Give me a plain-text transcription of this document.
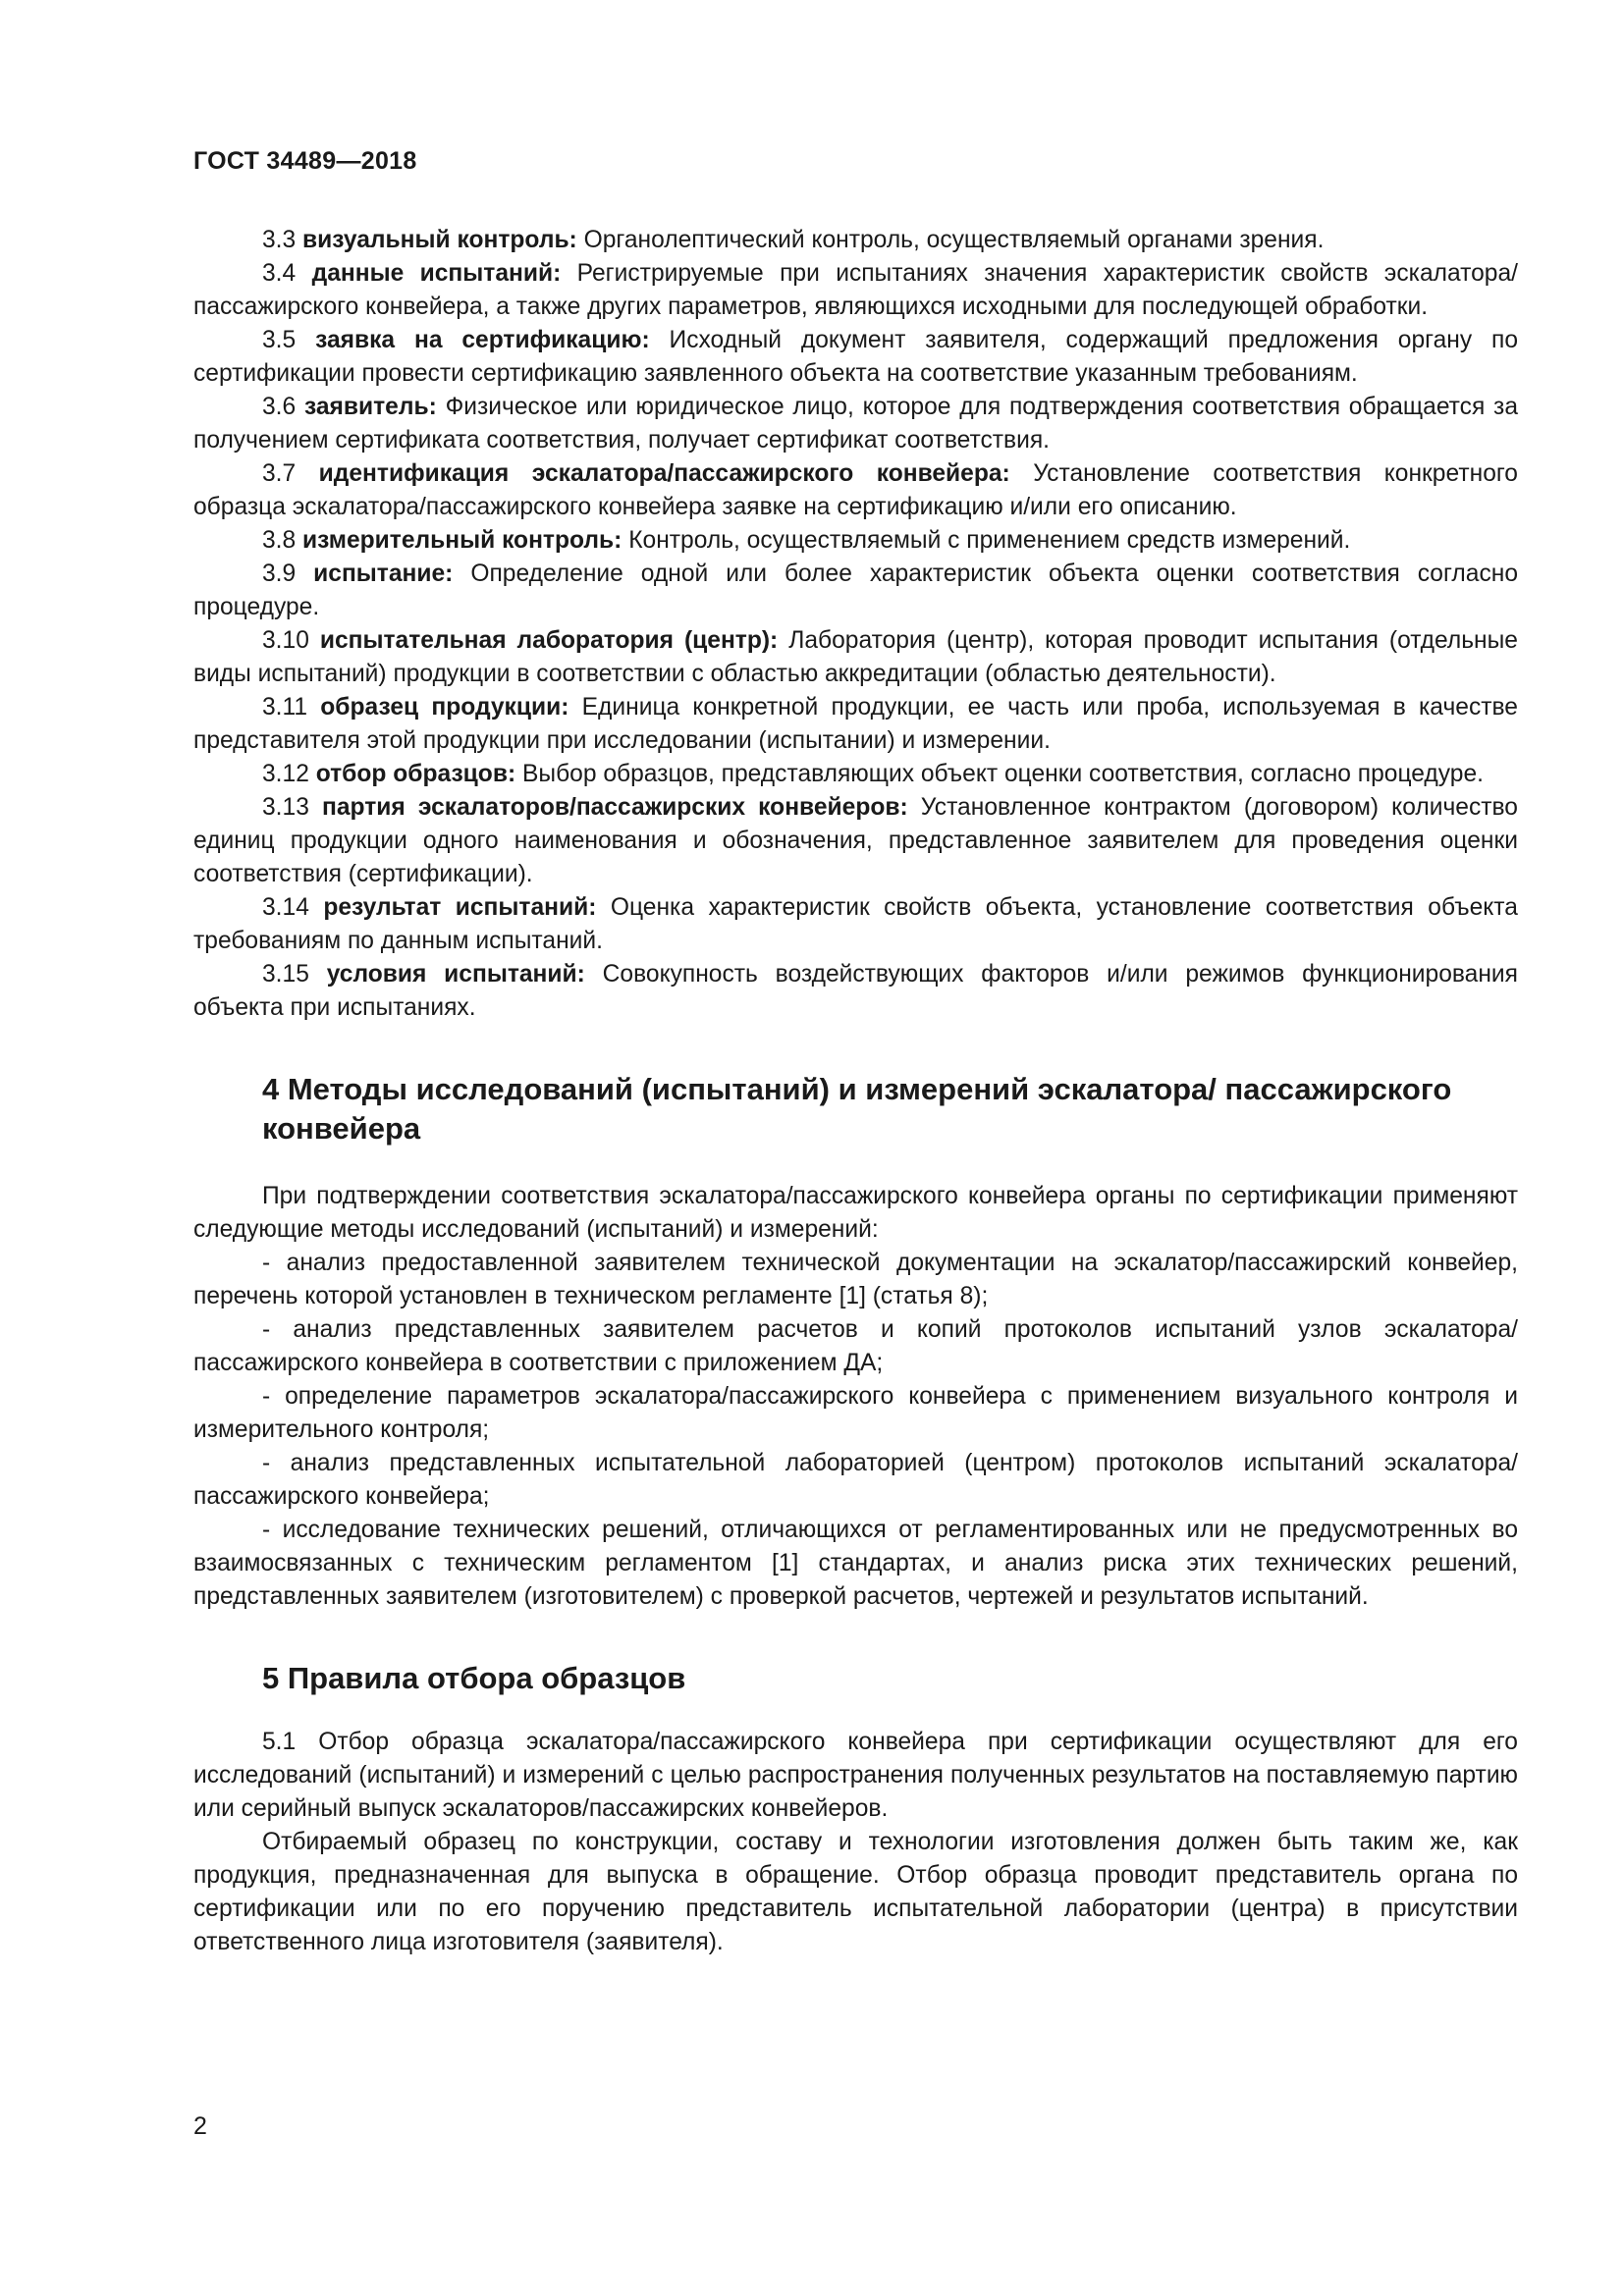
ГОСТ 34489—2018

3.3 визуальный контроль: Органолептический контроль, осуществляемый органами зрения.

3.4 данные испытаний: Регистрируемые при испытаниях значения характеристик свойств эскалатора/пассажирского конвейера, а также других параметров, являющихся исходными для последующей обработки.

3.5 заявка на сертификацию: Исходный документ заявителя, содержащий предложения органу по сертификации провести сертификацию заявленного объекта на соответствие указанным требованиям.

3.6 заявитель: Физическое или юридическое лицо, которое для подтверждения соответствия обращается за получением сертификата соответствия, получает сертификат соответствия.

3.7 идентификация эскалатора/пассажирского конвейера: Установление соответствия конкретного образца эскалатора/пассажирского конвейера заявке на сертификацию и/или его описанию.

3.8 измерительный контроль: Контроль, осуществляемый с применением средств измерений.

3.9 испытание: Определение одной или более характеристик объекта оценки соответствия согласно процедуре.

3.10 испытательная лаборатория (центр): Лаборатория (центр), которая проводит испытания (отдельные виды испытаний) продукции в соответствии с областью аккредитации (областью деятельности).

3.11 образец продукции: Единица конкретной продукции, ее часть или проба, используемая в качестве представителя этой продукции при исследовании (испытании) и измерении.

3.12 отбор образцов: Выбор образцов, представляющих объект оценки соответствия, согласно процедуре.

3.13 партия эскалаторов/пассажирских конвейеров: Установленное контрактом (договором) количество единиц продукции одного наименования и обозначения, представленное заявителем для проведения оценки соответствия (сертификации).

3.14 результат испытаний: Оценка характеристик свойств объекта, установление соответствия объекта требованиям по данным испытаний.

3.15 условия испытаний: Совокупность воздействующих факторов и/или режимов функционирования объекта при испытаниях.

4 Методы исследований (испытаний) и измерений эскалатора/ пассажирского конвейера

При подтверждении соответствия эскалатора/пассажирского конвейера органы по сертификации применяют следующие методы исследований (испытаний) и измерений:

- анализ предоставленной заявителем технической документации на эскалатор/пассажирский конвейер, перечень которой установлен в техническом регламенте [1] (статья 8);

- анализ представленных заявителем расчетов и копий протоколов испытаний узлов эскалатора/ пассажирского конвейера в соответствии с приложением ДА;

- определение параметров эскалатора/пассажирского конвейера с применением визуального контроля и измерительного контроля;

- анализ представленных испытательной лабораторией (центром) протоколов испытаний эскалатора/пассажирского конвейера;

- исследование технических решений, отличающихся от регламентированных или не предусмотренных во взаимосвязанных с техническим регламентом [1] стандартах, и анализ риска этих технических решений, представленных заявителем (изготовителем) с проверкой расчетов, чертежей и результатов испытаний.

5 Правила отбора образцов

5.1 Отбор образца эскалатора/пассажирского конвейера при сертификации осуществляют для его исследований (испытаний) и измерений с целью распространения полученных результатов на поставляемую партию или серийный выпуск эскалаторов/пассажирских конвейеров.

Отбираемый образец по конструкции, составу и технологии изготовления должен быть таким же, как продукция, предназначенная для выпуска в обращение. Отбор образца проводит представитель органа по сертификации или по его поручению представитель испытательной лаборатории (центра) в присутствии ответственного лица изготовителя (заявителя).

2
